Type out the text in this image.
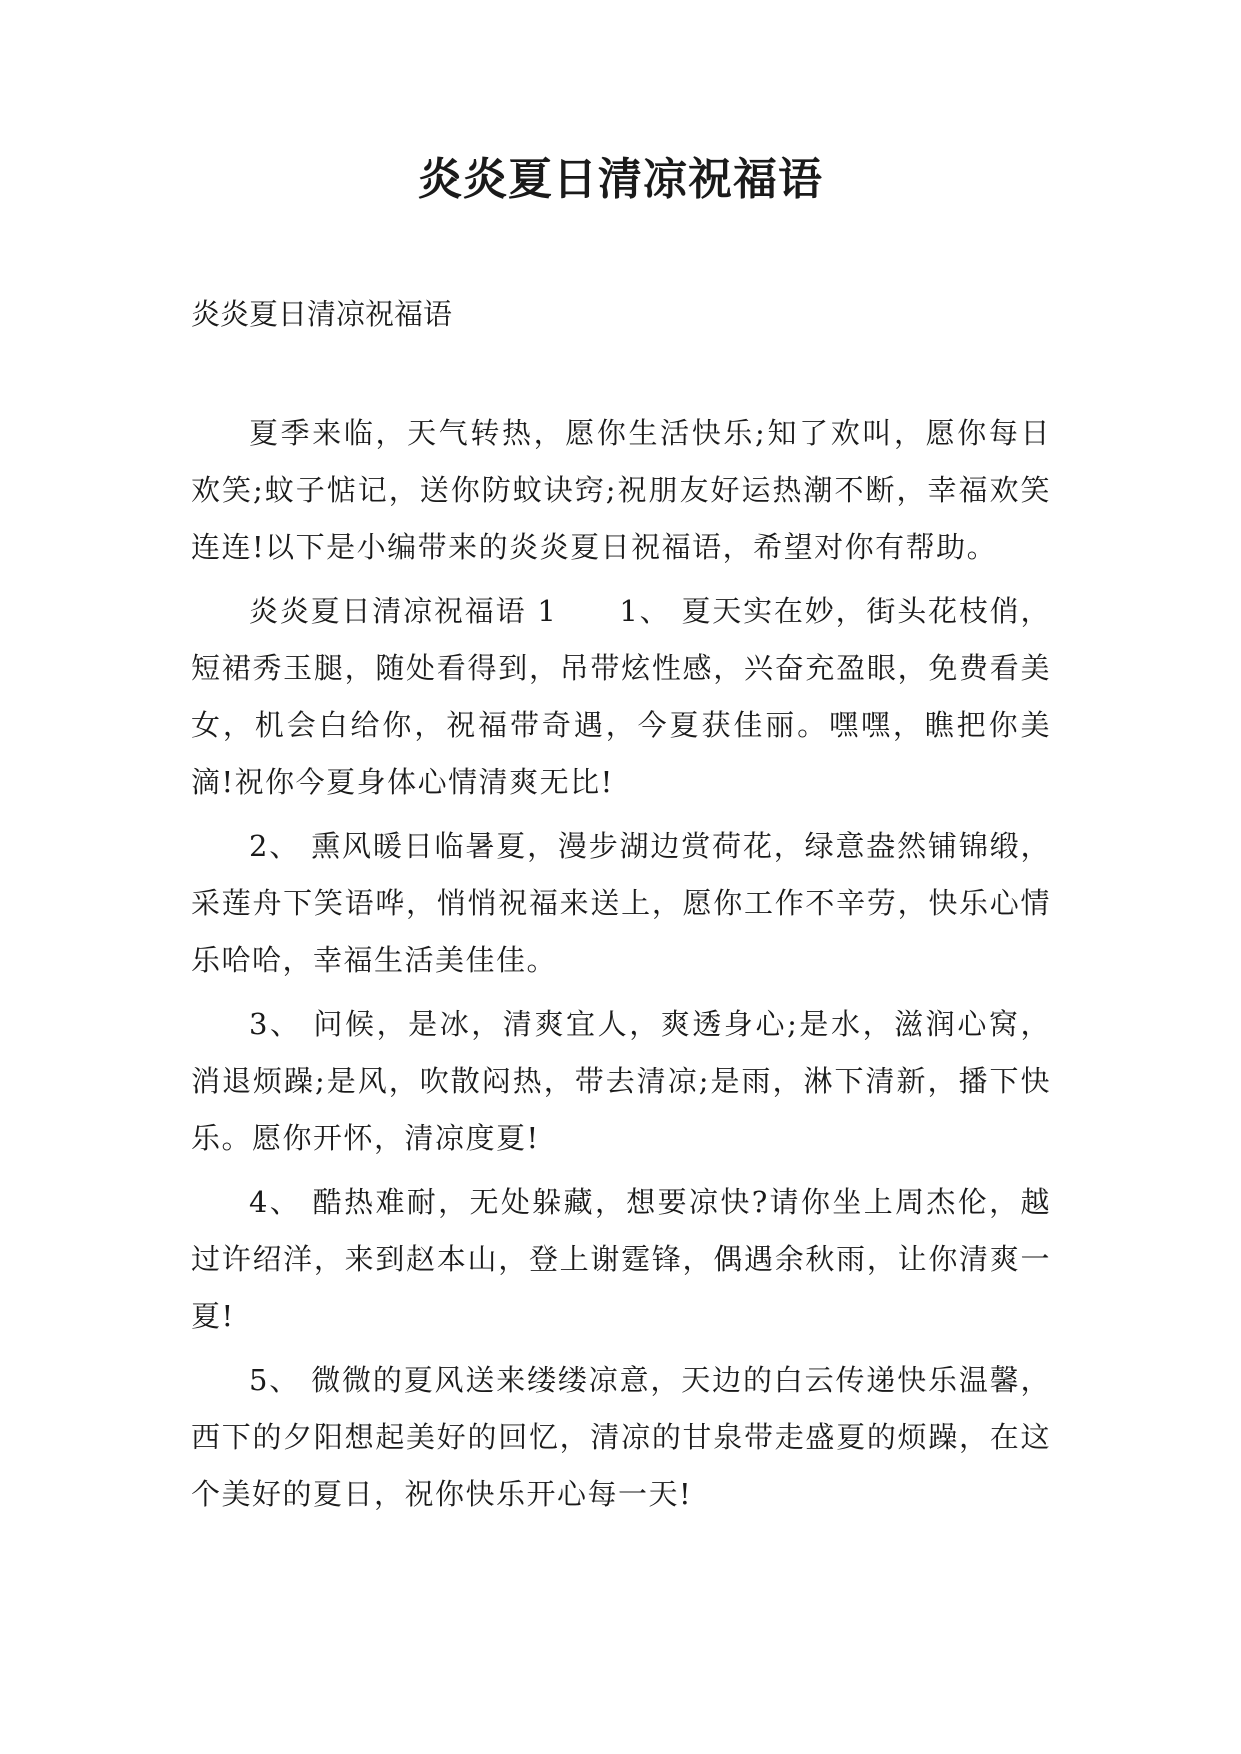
炎炎夏日清凉祝福语
炎炎夏日清凉祝福语

夏季来临，天气转热，愿你生活快乐;知了欢叫，愿你每日欢笑;蚊子惦记，送你防蚊诀窍;祝朋友好运热潮不断，幸福欢笑连连!以下是小编带来的炎炎夏日祝福语，希望对你有帮助。

炎炎夏日清凉祝福语 1　　1、 夏天实在妙，街头花枝俏，短裙秀玉腿，随处看得到，吊带炫性感，兴奋充盈眼，免费看美女，机会白给你，祝福带奇遇，今夏获佳丽。嘿嘿，瞧把你美滴!祝你今夏身体心情清爽无比!

2、 熏风暖日临暑夏，漫步湖边赏荷花，绿意盎然铺锦缎，采莲舟下笑语哗，悄悄祝福来送上，愿你工作不辛劳，快乐心情乐哈哈，幸福生活美佳佳。

3、 问候，是冰，清爽宜人，爽透身心;是水，滋润心窝，消退烦躁;是风，吹散闷热，带去清凉;是雨，淋下清新，播下快乐。愿你开怀，清凉度夏!

4、 酷热难耐，无处躲藏，想要凉快?请你坐上周杰伦，越过许绍洋，来到赵本山，登上谢霆锋，偶遇余秋雨，让你清爽一夏!

5、 微微的夏风送来缕缕凉意，天边的白云传递快乐温馨，西下的夕阳想起美好的回忆，清凉的甘泉带走盛夏的烦躁，在这个美好的夏日，祝你快乐开心每一天!
